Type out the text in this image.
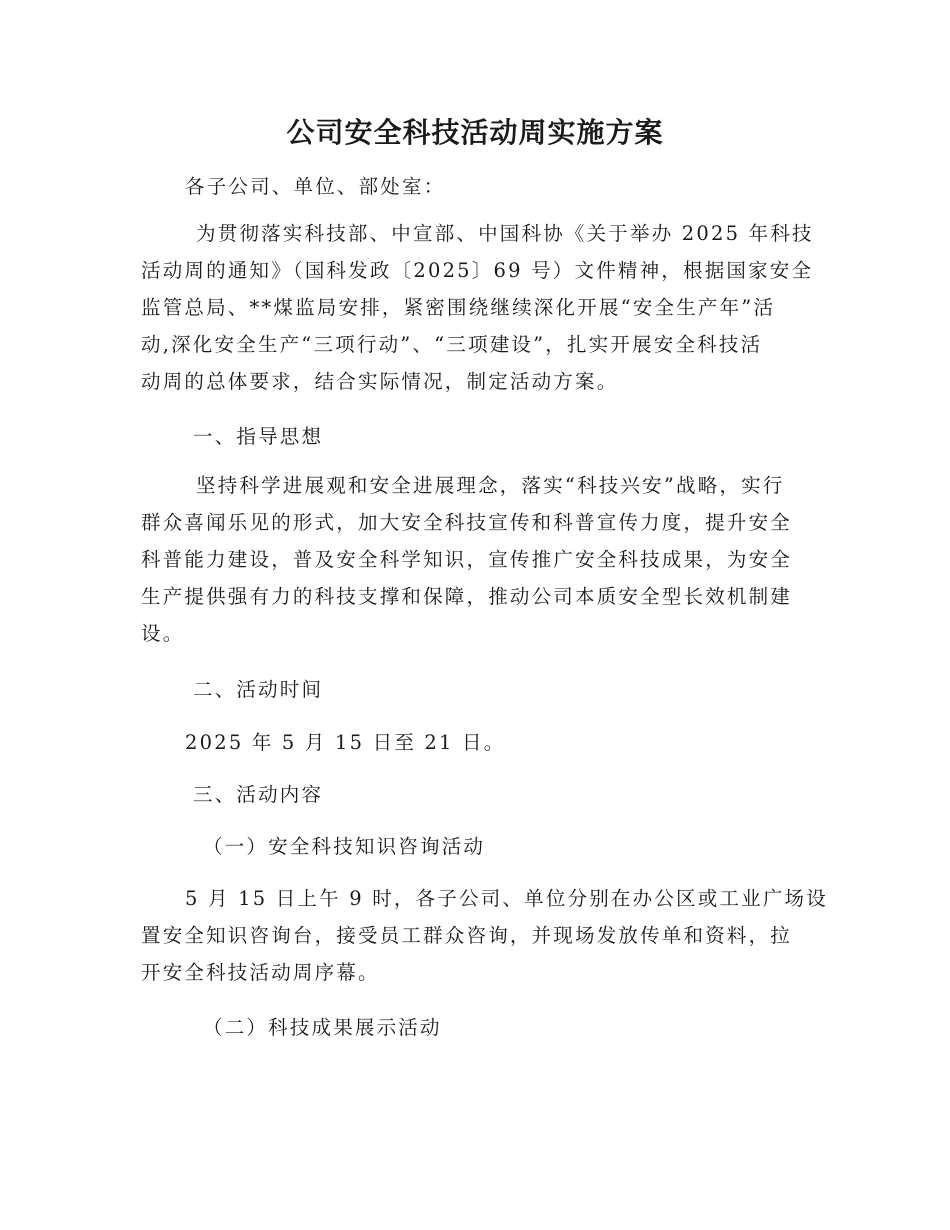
公司安全科技活动周实施方案

各子公司、单位、部处室：

为贯彻落实科技部、中宣部、中国科协《关于举办 2025 年科技
活动周的通知》（国科发政〔2025〕69 号）文件精神，根据国家安全
监管总局、**煤监局安排，紧密围绕继续深化开展“安全生产年”活
动,深化安全生产“三项行动”、“三项建设”，扎实开展安全科技活
动周的总体要求，结合实际情况，制定活动方案。

一、指导思想

坚持科学进展观和安全进展理念，落实“科技兴安”战略，实行
群众喜闻乐见的形式，加大安全科技宣传和科普宣传力度，提升安全
科普能力建设，普及安全科学知识，宣传推广安全科技成果，为安全
生产提供强有力的科技支撑和保障，推动公司本质安全型长效机制建
设。

二、活动时间

2025 年 5 月 15 日至 21 日。

三、活动内容

（一）安全科技知识咨询活动

5 月 15 日上午 9 时，各子公司、单位分别在办公区或工业广场设
置安全知识咨询台，接受员工群众咨询，并现场发放传单和资料，拉
开安全科技活动周序幕。

（二）科技成果展示活动
